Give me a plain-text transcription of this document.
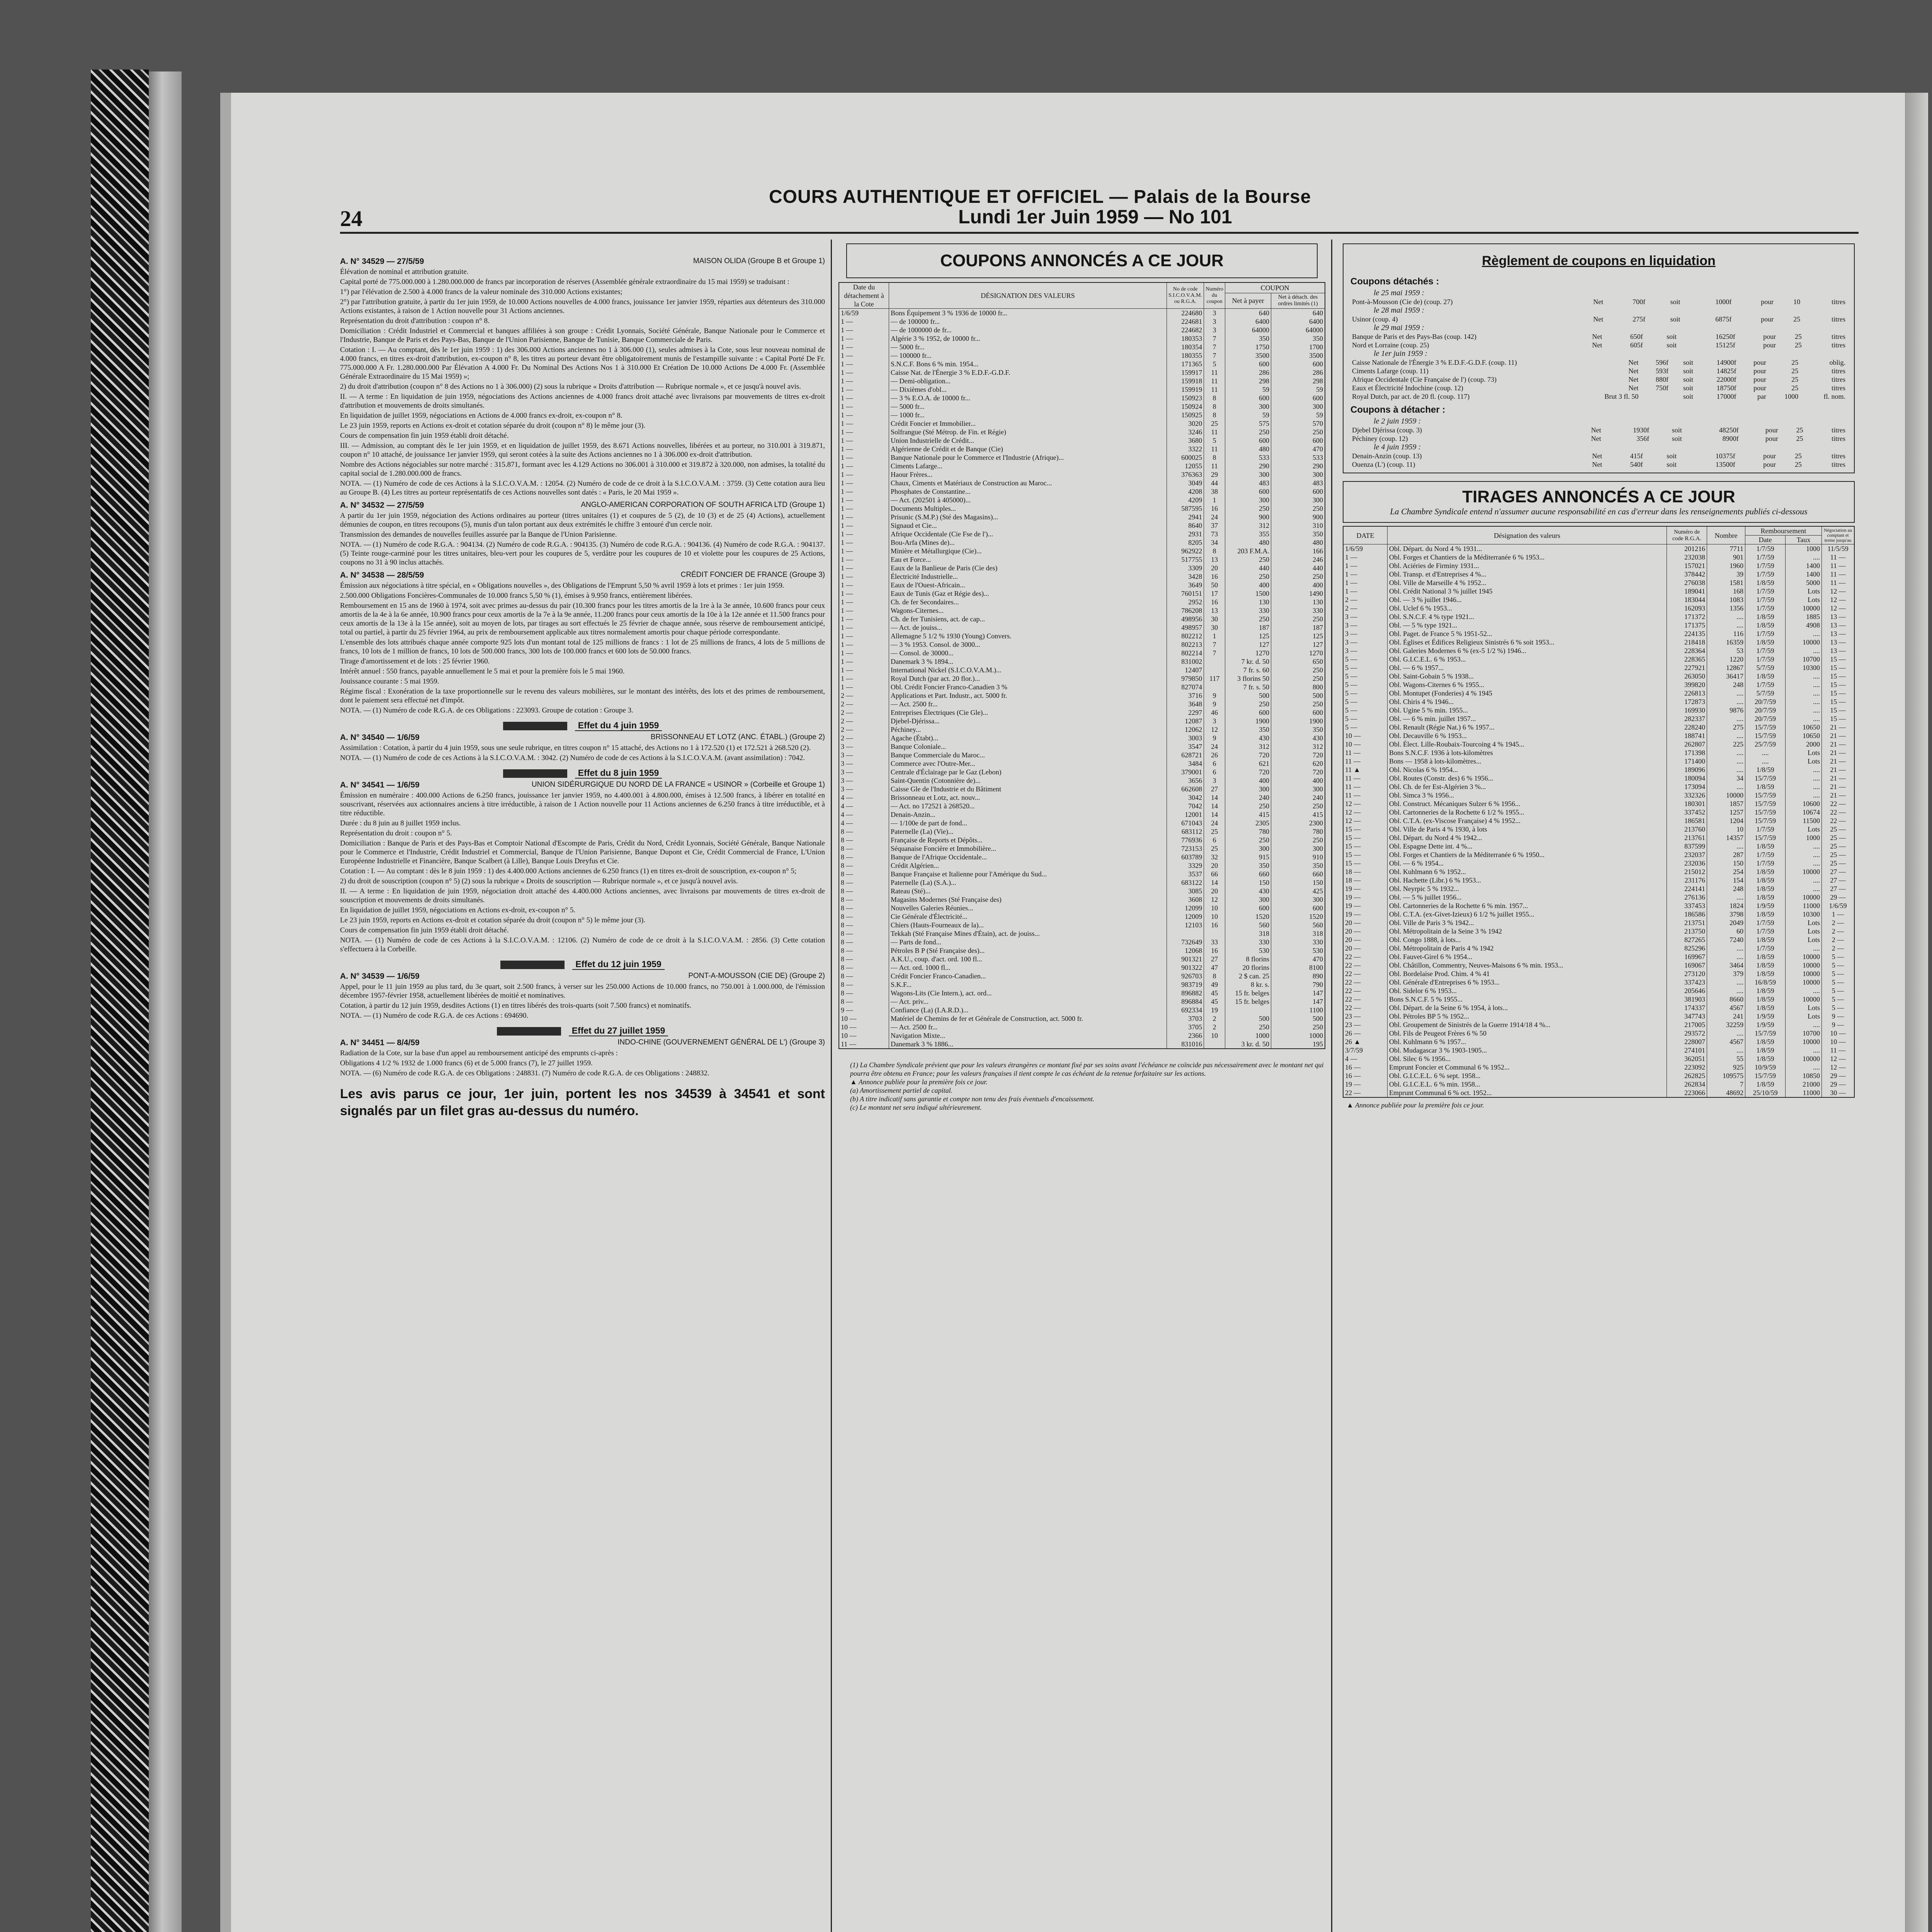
24
COURS AUTHENTIQUE ET OFFICIEL — Palais de la Bourse
Lundi 1er Juin 1959 — No 101
A. N° 34529 — 27/5/59	MAISON OLIDA (Groupe B et Groupe 1)
Élévation de nominal et attribution gratuite.
Capital porté de 775.000.000 à 1.280.000.000 de francs par incorporation de réserves (Assemblée générale extraordinaire du 15 mai 1959) se traduisant :
1°) par l'élévation de 2.500 à 4.000 francs de la valeur nominale des 310.000 Actions existantes;
2°) par l'attribution gratuite, à partir du 1er juin 1959, de 10.000 Actions nouvelles de 4.000 francs, jouissance 1er janvier 1959, réparties aux détenteurs des 310.000 Actions existantes, à raison de 1 Action nouvelle pour 31 Actions anciennes.
Représentation du droit d'attribution : coupon n° 8.
Domiciliation : Crédit Industriel et Commercial et banques affiliées à son groupe : Crédit Lyonnais, Société Générale, Banque Nationale pour le Commerce et l'Industrie, Banque de Paris et des Pays-Bas, Banque de l'Union Parisienne, Banque de Tunisie, Banque Commerciale de Paris.
Cotation : I. — Au comptant, dès le 1er juin 1959 : 1) des 306.000 Actions anciennes no 1 à 306.000 (1), seules admises à la Cote, sous leur nouveau nominal de 4.000 francs, en titres ex-droit d'attribution, ex-coupon n° 8, les titres au porteur devant être obligatoirement munis de l'estampille suivante : « Capital Porté De Fr. 775.000.000 A Fr. 1.280.000.000 Par Élévation A 4.000 Fr. Du Nominal Des Actions Nos 1 à 310.000 Et Création De 10.000 Actions De 4.000 Fr. (Assemblée Générale Extraordinaire du 15 Mai 1959) »;
2) du droit d'attribution (coupon n° 8 des Actions no 1 à 306.000) (2) sous la rubrique « Droits d'attribution — Rubrique normale », et ce jusqu'à nouvel avis.
II. — A terme : En liquidation de juin 1959, négociations des Actions anciennes de 4.000 francs droit attaché avec livraisons par mouvements de titres ex-droit d'attribution et mouvements de droits simultanés.
En liquidation de juillet 1959, négociations en Actions de 4.000 francs ex-droit, ex-coupon n° 8.
Le 23 juin 1959, reports en Actions ex-droit et cotation séparée du droit (coupon n° 8) le même jour (3).
Cours de compensation fin juin 1959 établi droit détaché.
III. — Admission, au comptant dès le 1er juin 1959, et en liquidation de juillet 1959, des 8.671 Actions nouvelles, libérées et au porteur, no 310.001 à 319.871, coupon n° 10 attaché, de jouissance 1er janvier 1959, qui seront cotées à la suite des Actions anciennes no 1 à 306.000 ex-droit d'attribution.
Nombre des Actions négociables sur notre marché : 315.871, formant avec les 4.129 Actions no 306.001 à 310.000 et 319.872 à 320.000, non admises, la totalité du capital social de 1.280.000.000 de francs.
NOTA. — (1) Numéro de code de ces Actions à la S.I.C.O.V.A.M. : 12054. (2) Numéro de code de ce droit à la S.I.C.O.V.A.M. : 3759. (3) Cette cotation aura lieu au Groupe B. (4) Les titres au porteur représentatifs de ces Actions nouvelles sont datés : « Paris, le 20 Mai 1959 ».
A. N° 34532 — 27/5/59	ANGLO-AMERICAN CORPORATION OF SOUTH AFRICA LTD (Groupe 1)
A partir du 1er juin 1959, négociation des Actions ordinaires au porteur (titres unitaires (1) et coupures de 5 (2), de 10 (3) et de 25 (4) Actions), actuellement démunies de coupon, en titres recoupons (5), munis d'un talon portant aux deux extrémités le chiffre 3 entouré d'un cercle noir.
Transmission des demandes de nouvelles feuilles assurée par la Banque de l'Union Parisienne.
NOTA. — (1) Numéro de code R.G.A. : 904134. (2) Numéro de code R.G.A. : 904135. (3) Numéro de code R.G.A. : 904136. (4) Numéro de code R.G.A. : 904137. (5) Teinte rouge-carminé pour les titres unitaires, bleu-vert pour les coupures de 5, verdâtre pour les coupures de 10 et violette pour les coupures de 25 Actions, coupons no 31 à 90 inclus attachés.
A. N° 34538 — 28/5/59	CRÉDIT FONCIER DE FRANCE (Groupe 3)
Émission aux négociations à titre spécial, en « Obligations nouvelles », des Obligations de l'Emprunt 5,50 % avril 1959 à lots et primes : 1er juin 1959.
2.500.000 Obligations Foncières-Communales de 10.000 francs 5,50 % (1), émises à 9.950 francs, entièrement libérées.
Remboursement en 15 ans de 1960 à 1974, soit avec primes au-dessus du pair (10.300 francs pour les titres amortis de la 1re à la 3e année, 10.600 francs pour ceux amortis de la 4e à la 6e année, 10.900 francs pour ceux amortis de la 7e à la 9e année, 11.200 francs pour ceux amortis de la 10e à la 12e année et 11.500 francs pour ceux amortis de la 13e à la 15e année), soit au moyen de lots, par tirages au sort effectués le 25 février de chaque année, sous réserve de remboursement anticipé, total ou partiel, à partir du 25 février 1964, au prix de remboursement applicable aux titres normalement amortis pour chaque période correspondante.
L'ensemble des lots attribués chaque année comporte 925 lots d'un montant total de 125 millions de francs : 1 lot de 25 millions de francs, 4 lots de 5 millions de francs, 10 lots de 1 million de francs, 10 lots de 500.000 francs, 300 lots de 100.000 francs et 600 lots de 50.000 francs.
Tirage d'amortissement et de lots : 25 février 1960.
Intérêt annuel : 550 francs, payable annuellement le 5 mai et pour la première fois le 5 mai 1960.
Jouissance courante : 5 mai 1959.
Régime fiscal : Exonération de la taxe proportionnelle sur le revenu des valeurs mobilières, sur le montant des intérêts, des lots et des primes de remboursement, dont le paiement sera effectué net d'impôt.
NOTA. — (1) Numéro de code R.G.A. de ces Obligations : 223093. Groupe de cotation : Groupe 3.
Effet du 4 juin 1959
A. N° 34540 — 1/6/59	BRISSONNEAU ET LOTZ (ANC. ÉTABL.) (Groupe 2)
Assimilation : Cotation, à partir du 4 juin 1959, sous une seule rubrique, en titres coupon n° 15 attaché, des Actions no 1 à 172.520 (1) et 172.521 à 268.520 (2).
NOTA. — (1) Numéro de code de ces Actions à la S.I.C.O.V.A.M. : 3042. (2) Numéro de code de ces Actions à la S.I.C.O.V.A.M. (avant assimilation) : 7042.
Effet du 8 juin 1959
A. N° 34541 — 1/6/59	UNION SIDÉRURGIQUE DU NORD DE LA FRANCE « USINOR » (Corbeille et Groupe 1)
Émission en numéraire : 400.000 Actions de 6.250 francs, jouissance 1er janvier 1959, no 4.400.001 à 4.800.000, émises à 12.500 francs, à libérer en totalité en souscrivant, réservées aux actionnaires anciens à titre irréductible, à raison de 1 Action nouvelle pour 11 Actions anciennes de 6.250 francs à titre irréductible, et à titre réductible.
Durée : du 8 juin au 8 juillet 1959 inclus.
Représentation du droit : coupon n° 5.
Domiciliation : Banque de Paris et des Pays-Bas et Comptoir National d'Escompte de Paris, Crédit du Nord, Crédit Lyonnais, Société Générale, Banque Nationale pour le Commerce et l'Industrie, Crédit Industriel et Commercial, Banque de l'Union Parisienne, Banque Dupont et Cie, Crédit Commercial de France, L'Union Européenne Industrielle et Financière, Banque Scalbert (à Lille), Banque Louis Dreyfus et Cie.
Cotation : I. — Au comptant : dès le 8 juin 1959 : 1) des 4.400.000 Actions anciennes de 6.250 francs (1) en titres ex-droit de souscription, ex-coupon n° 5;
2) du droit de souscription (coupon n° 5) (2) sous la rubrique « Droits de souscription — Rubrique normale », et ce jusqu'à nouvel avis.
II. — A terme : En liquidation de juin 1959, négociation droit attaché des 4.400.000 Actions anciennes, avec livraisons par mouvements de titres ex-droit de souscription et mouvements de droits simultanés.
En liquidation de juillet 1959, négociations en Actions ex-droit, ex-coupon n° 5.
Le 23 juin 1959, reports en Actions ex-droit et cotation séparée du droit (coupon n° 5) le même jour (3).
Cours de compensation fin juin 1959 établi droit détaché.
NOTA. — (1) Numéro de code de ces Actions à la S.I.C.O.V.A.M. : 12106. (2) Numéro de code de ce droit à la S.I.C.O.V.A.M. : 2856. (3) Cette cotation s'effectuera à la Corbeille.
Effet du 12 juin 1959
A. N° 34539 — 1/6/59	PONT-A-MOUSSON (CIE DE) (Groupe 2)
Appel, pour le 11 juin 1959 au plus tard, du 3e quart, soit 2.500 francs, à verser sur les 250.000 Actions de 10.000 francs, no 750.001 à 1.000.000, de l'émission décembre 1957-février 1958, actuellement libérées de moitié et nominatives.
Cotation, à partir du 12 juin 1959, desdites Actions (1) en titres libérés des trois-quarts (soit 7.500 francs) et nominatifs.
NOTA. — (1) Numéro de code R.G.A. de ces Actions : 694690.
Effet du 27 juillet 1959
A. N° 34451 — 8/4/59	INDO-CHINE (GOUVERNEMENT GÉNÉRAL DE L') (Groupe 3)
Radiation de la Cote, sur la base d'un appel au remboursement anticipé des emprunts ci-après :
Obligations 4 1/2 % 1932 de 1.000 francs (6) et de 5.000 francs (7), le 27 juillet 1959.
NOTA. — (6) Numéro de code R.G.A. de ces Obligations : 248831. (7) Numéro de code R.G.A. de ces Obligations : 248832.
Les avis parus ce jour, 1er juin, portent les nos 34539 à 34541 et sont signalés par un filet gras au-dessus du numéro.
COUPONS ANNONCÉS A CE JOUR
Date du détachement à la Cote	DÉSIGNATION DES VALEURS	No de code S.I.C.O.V.A.M. ou R.G.A.	Numéro du coupon	COUPON	
				Net à payer	Net à détach. des ordres limités (1)
1/6/59	Bons Équipement 3 % 1936 de 10000 fr...	224680	3	640	640
1 —	— de 100000 fr...	224681	3	6400	6400
1 —	— de 1000000 de fr...	224682	3	64000	64000
1 —	Algérie 3 % 1952, de 10000 fr...	180353	7	350	350
1 —	— 5000 fr...	180354	7	1750	1700
1 —	— 100000 fr...	180355	7	3500	3500
1 —	S.N.C.F. Bons 6 % min. 1954...	171365	5	600	600
1 —	Caisse Nat. de l'Énergie 3 % E.D.F.-G.D.F.	159917	11	286	286
1 —	— Demi-obligation...	159918	11	298	298
1 —	— Dixièmes d'obl...	159919	11	59	59
1 —	— 3 % E.O.A. de 10000 fr...	150923	8	600	600
1 —	— 5000 fr...	150924	8	300	300
1 —	— 1000 fr...	150925	8	59	59
1 —	Crédit Foncier et Immobilier...	3020	25	575	570
1 —	Solfrangue (Sté Métrop. de Fin. et Régie)	3246	11	250	250
1 —	Union Industrielle de Crédit...	3680	5	600	600
1 —	Algérienne de Crédit et de Banque (Cie)	3322	11	480	470
1 —	Banque Nationale pour le Commerce et l'Industrie (Afrique)...	600025	8	533	533
1 —	Ciments Lafarge...	12055	11	290	290
1 —	Haour Frères...	376363	29	300	300
1 —	Chaux, Ciments et Matériaux de Construction au Maroc...	3049	44	483	483
1 —	Phosphates de Constantine...	4208	38	600	600
1 —	— Act. (202501 à 405000)...	4209	1	300	300
1 —	Documents Multiples...	587595	16	250	250
1 —	Prisunic (S.M.P.) (Sté des Magasins)...	2941	24	900	900
1 —	Signaud et Cie...	8640	37	312	310
1 —	Afrique Occidentale (Cie Fse de l')...	2931	73	355	350
1 —	Bou-Arfa (Mines de)...	8205	34	480	480
1 —	Minière et Métallurgique (Cie)...	962922	8	203 F.M.A.	166
1 —	Eau et Force...	517755	13	250	246
1 —	Eaux de la Banlieue de Paris (Cie des)	3309	20	440	440
1 —	Électricité Industrielle...	3428	16	250	250
1 —	Eaux de l'Ouest-Africain...	3649	50	400	400
1 —	Eaux de Tunis (Gaz et Régie des)...	760151	17	1500	1490
1 —	Ch. de fer Secondaires...	2952	16	130	130
1 —	Wagons-Citernes...	786208	13	330	330
1 —	Ch. de fer Tunisiens, act. de cap...	498956	30	250	250
1 —	— Act. de jouiss...	498957	30	187	187
1 —	Allemagne 5 1/2 % 1930 (Young) Convers.	802212	1	125	125
1 —	— 3 % 1953. Consol. de 3000...	802213	7	127	127
1 —	— Consol. de 30000...	802214	7	1270	1270
1 —	Danemark 3 % 1894...	831002		7 kr. d. 50	650
1 —	International Nickel (S.I.C.O.V.A.M.)...	12407		7 fr. s. 60	250
1 —	Royal Dutch (par act. 20 flor.)...	979850	117	3 florins 50	250
1 —	Obl. Crédit Foncier Franco-Canadien 3 %	827074		7 fr. s. 50	800
2 —	Applications et Part. Industr., act. 5000 fr.	3716	9	500	500
2 —	— Act. 2500 fr...	3648	9	250	250
2 —	Entreprises Électriques (Cie Gle)...	2297	46	600	600
2 —	Djebel-Djérissa...	12087	3	1900	1900
2 —	Péchiney...	12062	12	350	350
2 —	Agache (Étabt)...	3003	9	430	430
3 —	Banque Coloniale...	3547	24	312	312
3 —	Banque Commerciale du Maroc...	628721	26	720	720
3 —	Commerce avec l'Outre-Mer...	3484	6	621	620
3 —	Centrale d'Éclairage par le Gaz (Lebon)	379001	6	720	720
3 —	Saint-Quentin (Cotonnière de)...	3656	3	400	400
3 —	Caisse Gle de l'Industrie et du Bâtiment	662608	27	300	300
4 —	Brissonneau et Lotz, act. nouv...	3042	14	240	240
4 —	— Act. no 172521 à 268520...	7042	14	250	250
4 —	Denain-Anzin...	12001	14	415	415
4 —	— 1/100e de part de fond...	671043	24	2305	2300
8 —	Paternelle (La) (Vie)...	683112	25	780	780
8 —	Française de Reports et Dépôts...	776936	6	250	250
8 —	Séquanaise Foncière et Immobilière...	723153	25	300	300
8 —	Banque de l'Afrique Occidentale...	603789	32	915	910
8 —	Crédit Algérien...	3329	20	350	350
8 —	Banque Française et Italienne pour l'Amérique du Sud...	3537	66	660	660
8 —	Paternelle (La) (S.A.)...	683122	14	150	150
8 —	Rateau (Sté)...	3085	20	430	425
8 —	Magasins Modernes (Sté Française des)	3608	12	300	300
8 —	Nouvelles Galeries Réunies...	12099	10	600	600
8 —	Cie Générale d'Électricité...	12009	10	1520	1520
8 —	Chiers (Hauts-Fourneaux de la)...	12103	16	560	560
8 —	Tekkah (Sté Française Mines d'Étain), act. de jouiss...			318	318
8 —	— Parts de fond...	732649	33	330	330
8 —	Pétroles B P (Sté Française des)...	12068	16	530	530
8 —	A.K.U., coup. d'act. ord. 100 fl...	901321	27	8 florins	470
8 —	— Act. ord. 1000 fl...	901322	47	20 florins	8100
8 —	Crédit Foncier Franco-Canadien...	926703	8	2 $ can. 25	890
8 —	S.K.F...	983719	49	8 kr. s.	790
8 —	Wagons-Lits (Cie Intern.), act. ord...	896882	45	15 fr. belges	147
8 —	— Act. priv...	896884	45	15 fr. belges	147
9 —	Confiance (La) (I.A.R.D.)...	692334	19		1100
10 —	Matériel de Chemins de fer et Générale de Construction, act. 5000 fr.	3703	2	500	500
10 —	— Act. 2500 fr...	3705	2	250	250
10 —	Navigation Mixte...	2366	10	1000	1000
11 —	Danemark 3 % 1886...	831016		3 kr. d. 50	195
(1) La Chambre Syndicale prévient que pour les valeurs étrangères ce montant fixé par ses soins avant l'échéance ne coïncide pas nécessairement avec le montant net qui pourra être obtenu en France; pour les valeurs françaises il tient compte le cas échéant de la retenue forfaitaire sur les actions.
▲ Annonce publiée pour la première fois ce jour.
(a) Amortissement partiel de capital.
(b) A titre indicatif sans garantie et compte non tenu des frais éventuels d'encaissement.
(c) Le montant net sera indiqué ultérieurement.
Règlement de coupons en liquidation
Coupons détachés :
le 25 mai 1959 :
Pont-à-Mousson (Cie de) (coup. 27)	Net	700f	soit	1000f	pour	10	titres
le 28 mai 1959 :
Usinor (coup. 4)	Net	275f	soit	6875f	pour	25	titres
le 29 mai 1959 :
Banque de Paris et des Pays-Bas (coup. 142)	Net	650f	soit	16250f	pour	25	titres
Nord et Lorraine (coup. 25)	Net	605f	soit	15125f	pour	25	titres
le 1er juin 1959 :
Caisse Nationale de l'Énergie 3 % E.D.F.-G.D.F. (coup. 11)	Net	596f	soit	14900f	pour	25	oblig.
Ciments Lafarge (coup. 11)	Net	593f	soit	14825f	pour	25	titres
Afrique Occidentale (Cie Française de l') (coup. 73)	Net	880f	soit	22000f	pour	25	titres
Eaux et Électricité Indochine (coup. 12)	Net	750f	soit	18750f	pour	25	titres
Royal Dutch, par act. de 20 fl. (coup. 117)	Brut 3 fl. 50		soit	17000f	par	1000	fl. nom.
Coupons à détacher :
le 2 juin 1959 :
Djebel Djérissa (coup. 3)	Net	1930f	soit	48250f	pour	25	titres
Péchiney (coup. 12)	Net	356f	soit	8900f	pour	25	titres
le 4 juin 1959 :
Denain-Anzin (coup. 13)	Net	415f	soit	10375f	pour	25	titres
Ouenza (L') (coup. 11)	Net	540f	soit	13500f	pour	25	titres
TIRAGES ANNONCÉS A CE JOUR
La Chambre Syndicale entend n'assumer aucune responsabilité en cas d'erreur dans les renseignements publiés ci-dessous
DATE	Désignation des valeurs	Numéro de code R.G.A.	Nombre	Remboursement		Négociation au comptant et terme jusqu'au
				Date	Taux	
1/6/59	Obl. Départ. du Nord 4 % 1931...	201216	7711	1/7/59	1000	11/5/59
1 —	Obl. Forges et Chantiers de la Méditerranée 6 % 1953...	232038	901	1/7/59	....	11 —
1 —	Obl. Aciéries de Firminy 1931...	157021	1960	1/7/59	1400	11 —
1 —	Obl. Transp. et d'Entreprises 4 %...	378442	39	1/7/59	1400	11 —
1 —	Obl. Ville de Marseille 4 % 1952...	276038	1581	1/8/59	5000	11 —
1 —	Obl. Crédit National 3 % juillet 1945	189041	168	1/7/59	Lots	12 —
2 —	Obl. — 3 % juillet 1946...	183044	1083	1/7/59	Lots	12 —
2 —	Obl. Uclef 6 % 1953...	162093	1356	1/7/59	10000	12 —
3 —	Obl. S.N.C.F. 4 % type 1921...	171372	....	1/8/59	1885	13 —
3 —	Obl. — 5 % type 1921...	171375	....	1/8/59	4908	13 —
3 —	Obl. Paget. de France 5 % 1951-52...	224135	116	1/7/59	....	13 —
3 —	Obl. Églises et Édifices Religieux Sinistrés 6 % soit 1953...	218418	16359	1/8/59	10000	13 —
3 —	Obl. Galeries Modernes 6 % (ex-5 1/2 %) 1946...	228364	53	1/7/59	....	13 —
5 —	Obl. G.I.C.E.L. 6 % 1953...	228365	1220	1/7/59	10700	15 —
5 —	Obl. — 6 % 1957...	227921	12867	5/7/59	10300	15 —
5 —	Obl. Saint-Gobain 5 % 1938...	263050	36417	1/8/59	....	15 —
5 —	Obl. Wagons-Citernes 6 % 1955...	399820	248	1/7/59	....	15 —
5 —	Obl. Montupet (Fonderies) 4 % 1945	226813	....	5/7/59	....	15 —
5 —	Obl. Chiris 4 % 1946...	172873	....	20/7/59	....	15 —
5 —	Obl. Ugine 5 % min. 1955...	169930	9876	20/7/59	....	15 —
5 —	Obl. — 6 % min. juillet 1957...	282337	....	20/7/59	....	15 —
5 —	Obl. Renault (Régie Nat.) 6 % 1957...	228240	275	15/7/59	10650	21 —
10 —	Obl. Decauville 6 % 1953...	188741	....	15/7/59	10650	21 —
10 —	Obl. Élect. Lille-Roubaix-Tourcoing 4 % 1945...	262807	225	25/7/59	2000	21 —
11 —	Bons S.N.C.F. 1936 à lots-kilomètres	171398	....	....	Lots	21 —
11 —	Bons — 1958 à lots-kilomètres...	171400	....	....	Lots	21 —
11 ▲	Obl. Nicolas 6 % 1954...	189096	....	1/8/59	....	21 —
11 —	Obl. Routes (Constr. des) 6 % 1956...	180094	34	15/7/59	....	21 —
11 —	Obl. Ch. de fer Est-Algérien 3 %...	173094	....	1/8/59	....	21 —
11 —	Obl. Simca 3 % 1956...	332326	10000	15/7/59	....	21 —
12 —	Obl. Construct. Mécaniques Sulzer 6 % 1956...	180301	1857	15/7/59	10600	22 —
12 —	Obl. Cartonneries de la Rochette 6 1/2 % 1955...	337452	1257	15/7/59	10674	22 —
12 —	Obl. C.T.A. (ex-Viscose Française) 4 % 1952...	186581	1204	15/7/59	11500	22 —
15 —	Obl. Ville de Paris 4 % 1930, à lots	213760	10	1/7/59	Lots	25 —
15 —	Obl. Départ. du Nord 4 % 1942...	213761	14357	15/7/59	1000	25 —
15 —	Obl. Espagne Dette int. 4 %...	837599	....	1/8/59	....	25 —
15 —	Obl. Forges et Chantiers de la Méditerranée 6 % 1950...	232037	287	1/7/59	....	25 —
15 —	Obl. — 6 % 1954...	232036	150	1/7/59	....	25 —
18 —	Obl. Kuhlmann 6 % 1952...	215012	254	1/8/59	10000	27 —
18 —	Obl. Hachette (Libr.) 6 % 1953...	231176	154	1/8/59	....	27 —
19 —	Obl. Neyrpic 5 % 1932...	224141	248	1/8/59	....	27 —
19 —	Obl. — 5 % juillet 1956...	276136	....	1/8/59	10000	29 —
19 —	Obl. Cartonneries de la Rochette 6 % min. 1957...	337453	1824	1/9/59	11000	1/6/59
19 —	Obl. C.T.A. (ex-Givet-Izieux) 6 1/2 % juillet 1955...	186586	3798	1/8/59	10300	1 —
20 —	Obl. Ville de Paris 3 % 1942...	213751	2049	1/7/59	Lots	2 —
20 —	Obl. Métropolitain de la Seine 3 % 1942	213750	60	1/7/59	Lots	2 —
20 —	Obl. Congo 1888, à lots...	827265	7240	1/8/59	Lots	2 —
20 —	Obl. Métropolitain de Paris 4 % 1942	825296	....	1/7/59	....	2 —
22 —	Obl. Fauvet-Girel 6 % 1954...	169967	....	1/8/59	10000	5 —
22 —	Obl. Châtillon, Commentry, Neuves-Maisons 6 % min. 1953...	169067	3464	1/8/59	10000	5 —
22 —	Obl. Bordelaise Prod. Chim. 4 % 41	273120	379	1/8/59	10000	5 —
22 —	Obl. Générale d'Entreprises 6 % 1953...	337423	....	16/8/59	10000	5 —
22 —	Obl. Sidelor 6 % 1953...	205646	....	1/8/59	....	5 —
22 —	Bons S.N.C.F. 5 % 1955...	381903	8660	1/8/59	10000	5 —
22 —	Obl. Départ. de la Seine 6 % 1954, à lots...	174337	4567	1/8/59	Lots	5 —
23 —	Obl. Pétroles BP 5 % 1952...	347743	241	1/9/59	Lots	9 —
23 —	Obl. Groupement de Sinistrés de la Guerre 1914/18 4 %...	217005	32259	1/9/59	....	9 —
26 —	Obl. Fils de Peugeot Frères 6 % 50	293572	....	15/7/59	10700	10 —
26 ▲	Obl. Kuhlmann 6 % 1957...	228007	4567	1/8/59	10000	10 —
3/7/59	Obl. Mudagascar 3 % 1903-1905...	274101	....	1/8/59	....	11 —
4 —	Obl. Silec 6 % 1956...	362051	55	1/8/59	10000	12 —
16 —	Emprunt Foncier et Communal 6 % 1952...	223092	925	10/9/59	....	12 —
16 —	Obl. G.I.C.E.L. 6 % sept. 1958...	262825	109575	15/7/59	10850	29 —
19 —	Obl. G.I.C.E.L. 6 % min. 1958...	262834	7	1/8/59	21000	29 —
22 —	Emprunt Communal 6 % oct. 1952...	223066	48692	25/10/59	11000	30 —
▲ Annonce publiée pour la première fois ce jour.
